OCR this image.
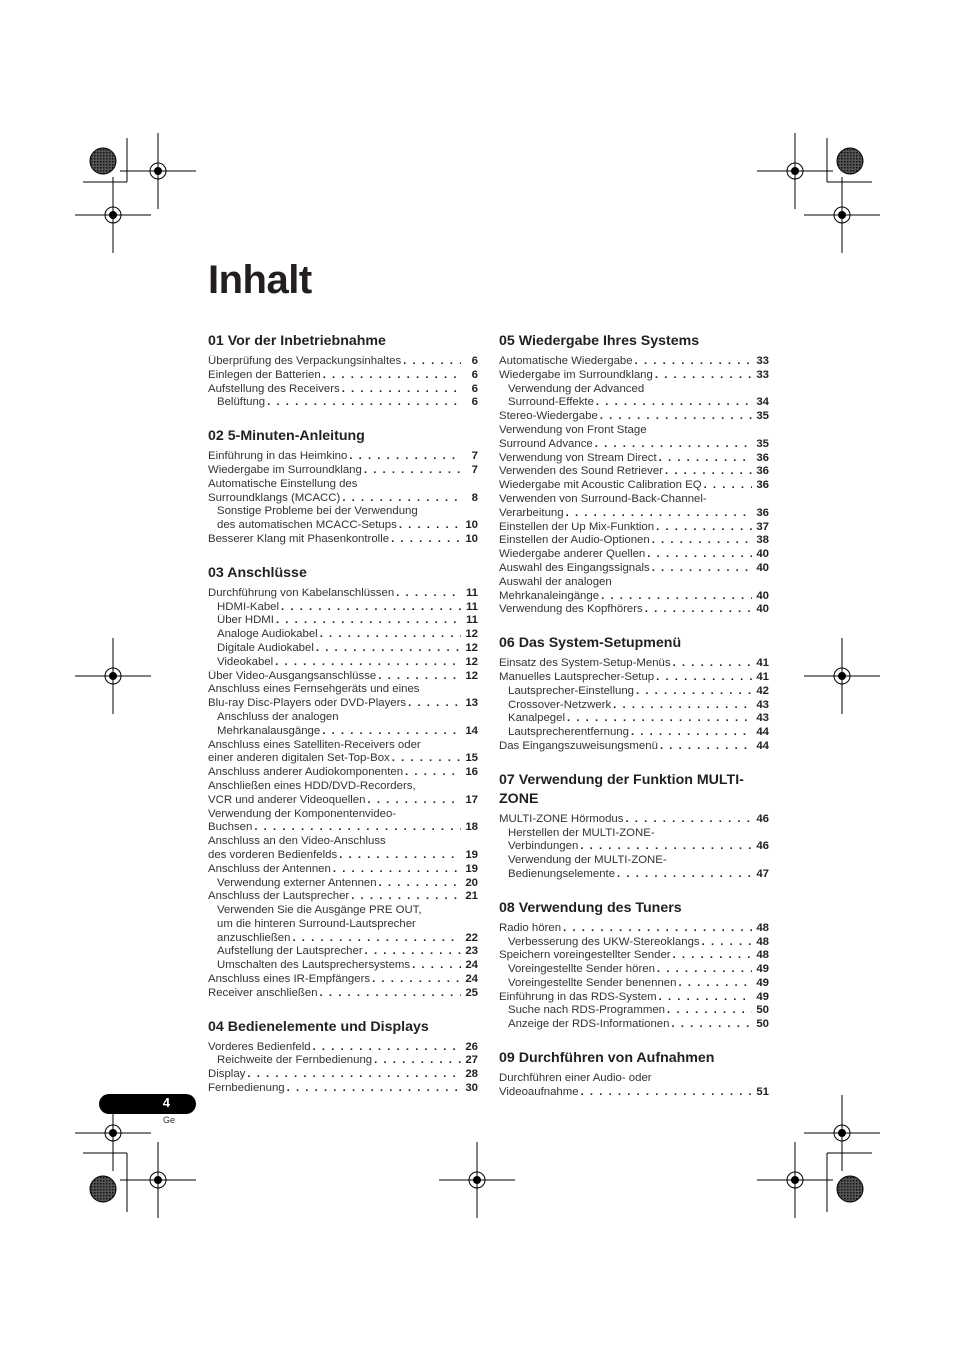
Inhalt
01 Vor der Inbetriebnahme
Überprüfung des Verpackungsinhaltes . . .	6
Einlegen der Batterien . . .	6
Aufstellung des Receivers . . .	6
Belüftung . . .	6
02 5-Minuten-Anleitung
Einführung in das Heimkino . . .	7
Wiedergabe im Surroundklang . . .	7
Automatische Einstellung des
Surroundklangs (MCACC) . . .	8
Sonstige Probleme bei der Verwendung
des automatischen MCACC-Setups . . .	10
Besserer Klang mit Phasenkontrolle . . .	10
03 Anschlüsse
Durchführung von Kabelanschlüssen . . .	11
HDMI-Kabel . . .	11
Über HDMI . . .	11
Analoge Audiokabel . . .	12
Digitale Audiokabel . . .	12
Videokabel . . .	12
Über Video-Ausgangsanschlüsse . . .	12
Anschluss eines Fernsehgeräts und eines
Blu-ray Disc-Players oder DVD-Players . . .	13
Anschluss der analogen
Mehrkanalausgänge . . .	14
Anschluss eines Satelliten-Receivers oder
einer anderen digitalen Set-Top-Box . . .	15
Anschluss anderer Audiokomponenten . . .	16
Anschließen eines HDD/DVD-Recorders,
VCR und anderer Videoquellen . . .	17
Verwendung der Komponentenvideo-
Buchsen . . .	18
Anschluss an den Video-Anschluss
des vorderen Bedienfelds . . .	19
Anschluss der Antennen . . .	19
Verwendung externer Antennen . . .	20
Anschluss der Lautsprecher . . .	21
Verwenden Sie die Ausgänge PRE OUT,
um die hinteren Surround-Lautsprecher
anzuschließen . . .	22
Aufstellung der Lautsprecher . . .	23
Umschalten des Lautsprechersystems . . .	24
Anschluss eines IR-Empfängers . . .	24
Receiver anschließen . . .	25
04 Bedienelemente und Displays
Vorderes Bedienfeld . . .	26
Reichweite der Fernbedienung . . .	27
Display . . .	28
Fernbedienung . . .	30
05 Wiedergabe Ihres Systems
Automatische Wiedergabe . . .	33
Wiedergabe im Surroundklang . . .	33
Verwendung der Advanced
Surround-Effekte . . .	34
Stereo-Wiedergabe . . .	35
Verwendung von Front Stage
Surround Advance . . .	35
Verwendung von Stream Direct . . .	36
Verwenden des Sound Retriever . . .	36
Wiedergabe mit Acoustic Calibration EQ . . .	36
Verwenden von Surround-Back-Channel-
Verarbeitung . . .	36
Einstellen der Up Mix-Funktion . . .	37
Einstellen der Audio-Optionen . . .	38
Wiedergabe anderer Quellen . . .	40
Auswahl des Eingangssignals . . .	40
Auswahl der analogen
Mehrkanaleingänge . . .	40
Verwendung des Kopfhörers . . .	40
06 Das System-Setupmenü
Einsatz des System-Setup-Menüs . . .	41
Manuelles Lautsprecher-Setup . . .	41
Lautsprecher-Einstellung . . .	42
Crossover-Netzwerk . . .	43
Kanalpegel . . .	43
Lautsprecherentfernung . . .	44
Das Eingangszuweisungsmenü . . .	44
07 Verwendung der Funktion MULTI-ZONE
MULTI-ZONE Hörmodus . . .	46
Herstellen der MULTI-ZONE-
Verbindungen . . .	46
Verwendung der MULTI-ZONE-
Bedienungselemente . . .	47
08 Verwendung des Tuners
Radio hören . . .	48
Verbesserung des UKW-Stereoklangs . . .	48
Speichern voreingestellter Sender . . .	48
Voreingestellte Sender hören . . .	49
Voreingestellte Sender benennen . . .	49
Einführung in das RDS-System . . .	49
Suche nach RDS-Programmen . . .	50
Anzeige der RDS-Informationen . . .	50
09 Durchführen von Aufnahmen
Durchführen einer Audio- oder
Videoaufnahme . . .	51
4
Ge
